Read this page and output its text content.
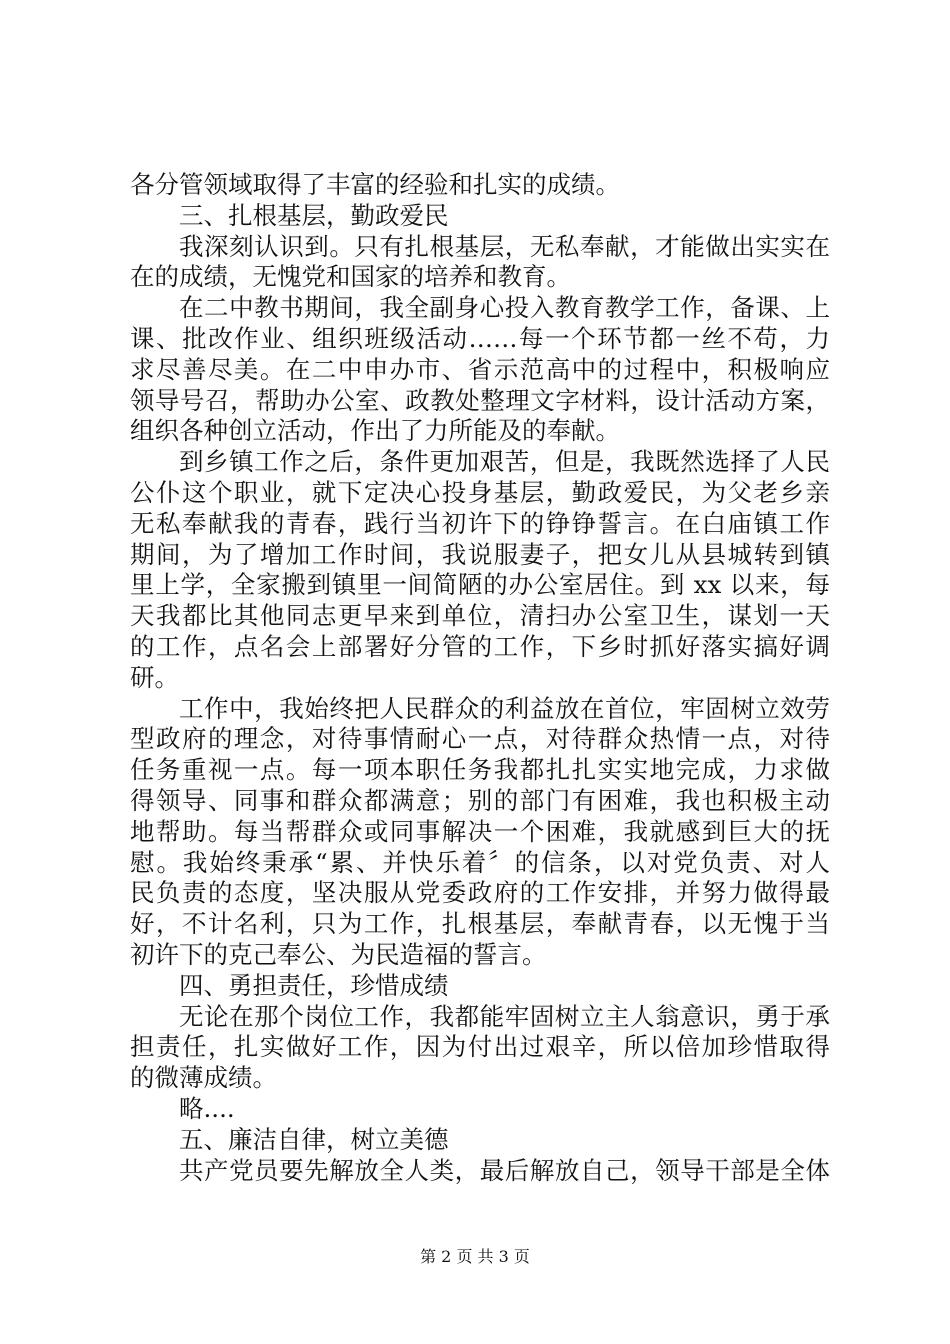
各分管领域取得了丰富的经验和扎实的成绩。
三、扎根基层，勤政爱民
我深刻认识到。只有扎根基层，无私奉献，才能做出实实在
在的成绩，无愧党和国家的培养和教育。
在二中教书期间，我全副身心投入教育教学工作，备课、上
课、批改作业、组织班级活动……每一个环节都一丝不苟，力
求尽善尽美。在二中申办市、省示范高中的过程中，积极响应
领导号召，帮助办公室、政教处整理文字材料，设计活动方案，
组织各种创立活动，作出了力所能及的奉献。
到乡镇工作之后，条件更加艰苦，但是，我既然选择了人民
公仆这个职业，就下定决心投身基层，勤政爱民，为父老乡亲
无私奉献我的青春，践行当初许下的铮铮誓言。在白庙镇工作
期间，为了增加工作时间，我说服妻子，把女儿从县城转到镇
里上学，全家搬到镇里一间简陋的办公室居住。到 xx 以来，每
天我都比其他同志更早来到单位，清扫办公室卫生，谋划一天
的工作，点名会上部署好分管的工作，下乡时抓好落实搞好调
研。
工作中，我始终把人民群众的利益放在首位，牢固树立效劳
型政府的理念，对待事情耐心一点，对待群众热情一点，对待
任务重视一点。每一项本职任务我都扎扎实实地完成，力求做
得领导、同事和群众都满意；别的部门有困难，我也积极主动
地帮助。每当帮群众或同事解决一个困难，我就感到巨大的抚
慰。我始终秉承“累、并快乐着〞的信条，以对党负责、对人
民负责的态度，坚决服从党委政府的工作安排，并努力做得最
好，不计名利，只为工作，扎根基层，奉献青春，以无愧于当
初许下的克己奉公、为民造福的誓言。
四、勇担责任，珍惜成绩
无论在那个岗位工作，我都能牢固树立主人翁意识，勇于承
担责任，扎实做好工作，因为付出过艰辛，所以倍加珍惜取得
的微薄成绩。
略....
五、廉洁自律，树立美德
共产党员要先解放全人类，最后解放自己，领导干部是全体
第 2 页 共 3 页
